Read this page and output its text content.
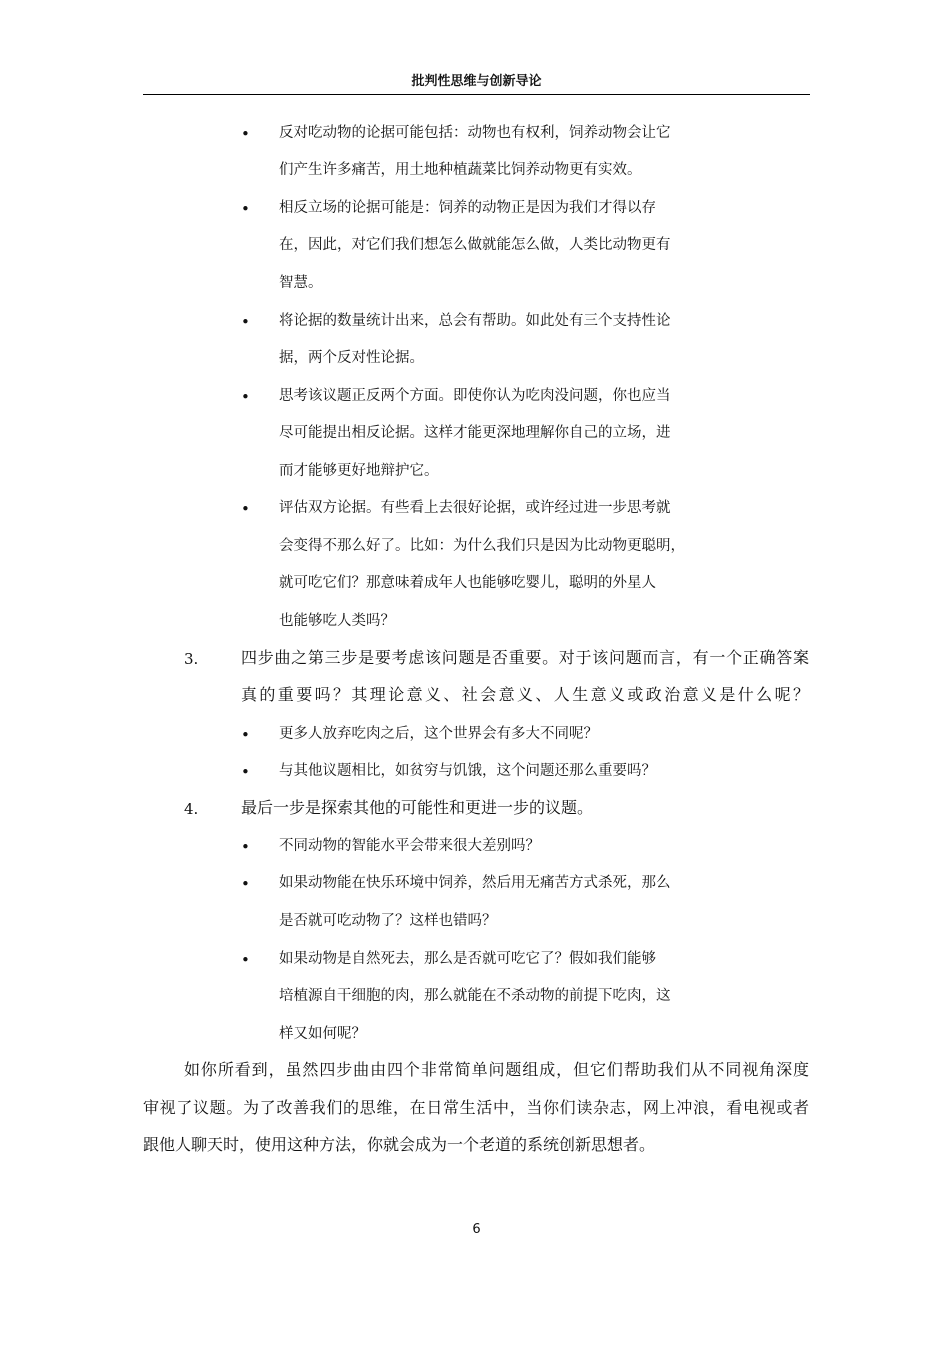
批判性思维与创新导论
• 反对吃动物的论据可能包括：动物也有权利，饲养动物会让它
们产生许多痛苦，用土地种植蔬菜比饲养动物更有实效。
• 相反立场的论据可能是：饲养的动物正是因为我们才得以存
在，因此，对它们我们想怎么做就能怎么做，人类比动物更有
智慧。
• 将论据的数量统计出来，总会有帮助。如此处有三个支持性论
据，两个反对性论据。
• 思考该议题正反两个方面。即使你认为吃肉没问题，你也应当
尽可能提出相反论据。这样才能更深地理解你自己的立场，进
而才能够更好地辩护它。
• 评估双方论据。有些看上去很好论据，或许经过进一步思考就
会变得不那么好了。比如：为什么我们只是因为比动物更聪明，
就可吃它们？那意味着成年人也能够吃婴儿，聪明的外星人
也能够吃人类吗？
3.	四步曲之第三步是要考虑该问题是否重要。对于该问题而言，有一个正确答案
真的重要吗？其理论意义、社会意义、人生意义或政治意义是什么呢？
• 更多人放弃吃肉之后，这个世界会有多大不同呢？
• 与其他议题相比，如贫穷与饥饿，这个问题还那么重要吗？
4.	最后一步是探索其他的可能性和更进一步的议题。
• 不同动物的智能水平会带来很大差别吗？
• 如果动物能在快乐环境中饲养，然后用无痛苦方式杀死，那么
是否就可吃动物了？这样也错吗？
• 如果动物是自然死去，那么是否就可吃它了？假如我们能够
培植源自干细胞的肉，那么就能在不杀动物的前提下吃肉，这
样又如何呢？
如你所看到，虽然四步曲由四个非常简单问题组成，但它们帮助我们从不同视角深度
审视了议题。为了改善我们的思维，在日常生活中，当你们读杂志，网上冲浪，看电视或者
跟他人聊天时，使用这种方法，你就会成为一个老道的系统创新思想者。
6
